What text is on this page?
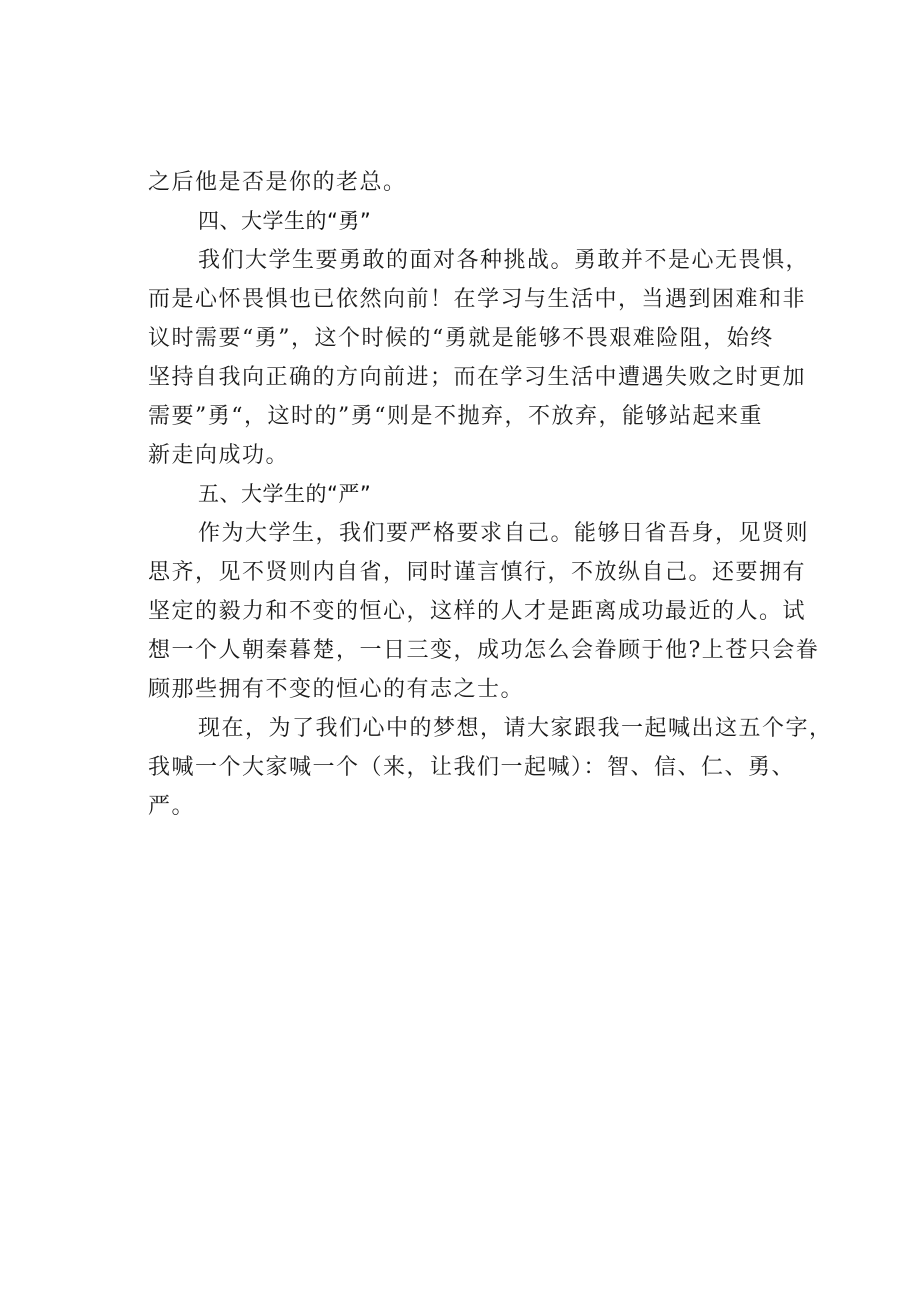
之后他是否是你的老总。
四、大学生的“勇”
我们大学生要勇敢的面对各种挑战。勇敢并不是心无畏惧，
而是心怀畏惧也已依然向前！在学习与生活中，当遇到困难和非
议时需要“勇”，这个时候的“勇就是能够不畏艰难险阻，始终
坚持自我向正确的方向前进；而在学习生活中遭遇失败之时更加
需要”勇“，这时的”勇“则是不抛弃，不放弃，能够站起来重
新走向成功。
五、大学生的“严”
作为大学生，我们要严格要求自己。能够日省吾身，见贤则
思齐，见不贤则内自省，同时谨言慎行，不放纵自己。还要拥有
坚定的毅力和不变的恒心，这样的人才是距离成功最近的人。试
想一个人朝秦暮楚，一日三变，成功怎么会眷顾于他?上苍只会眷
顾那些拥有不变的恒心的有志之士。
现在，为了我们心中的梦想，请大家跟我一起喊出这五个字，
我喊一个大家喊一个（来，让我们一起喊）：智、信、仁、勇、
严。
